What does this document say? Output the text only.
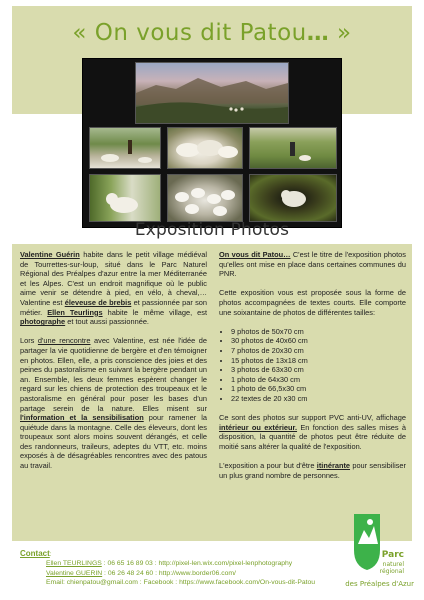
« On vous dit Patou… »
Exposition Photos

Valentine Guérin habite dans le petit village médiéval de Tourrettes-sur-loup, situé dans le Parc Naturel Régional des Préalpes d'azur entre la mer Méditerranée et les Alpes. C'est un endroit magnifique où le public aime venir se détendre à pied, en vélo, à cheval,… Valentine est éleveuse de brebis et passionnée par son métier. Ellen Teurlings habite le même village, est photographe et tout aussi passionnée.

Lors d'une rencontre avec Valentine, est née l'idée de partager la vie quotidienne de bergère et d'en témoigner en photos. Ellen, elle, a pris conscience des joies et des peines du pastoralisme en suivant la bergère pendant un an. Ensemble, les deux femmes espèrent changer le regard sur les chiens de protection des troupeaux et le pastoralisme en général pour poser les bases d'un partage serein de la nature. Elles misent sur l'information et la sensibilisation pour ramener la quiétude dans la montagne. Celle des éleveurs, dont les troupeaux sont alors moins souvent dérangés, et celle des randonneurs, traileurs, adeptes du VTT, etc. moins exposés à de désagréables rencontres avec des patous au travail.

On vous dit Patou… C'est le titre de l'exposition photos qu'elles ont mise en place dans certaines communes du PNR.

Cette exposition vous est proposée sous la forme de photos accompagnées de textes courts. Elle comporte une soixantaine de photos de différentes tailles:

• 9 photos de 50x70 cm
• 30 photos de 40x60 cm
• 7 photos de 20x30 cm
• 15 photos de 13x18 cm
• 3 photos de 63x30 cm
• 1 photo de 64x30 cm
• 1 photo de 66,5x30 cm
• 22 textes de 20 x30 cm

Ce sont des photos sur support PVC anti-UV, affichage intérieur ou extérieur. En fonction des salles mises à disposition, la quantité de photos peut être réduite de moitié sans altérer la qualité de l'exposition.

L'exposition a pour but d'être itinérante pour sensibiliser un plus grand nombre de personnes.

Contact:
Ellen TEURLINGS : 06 65 16 89 03 : http://pixel-len.wix.com/pixel-lenphotography
Valentine GUERIN : 06 26 48 24 60 : http://www.border06.com/
Email: chienpatou@gmail.com : Facebook : https://www.facebook.com/On-vous-dit-Patou
Parc
naturel
régional
des Préalpes d'Azur
